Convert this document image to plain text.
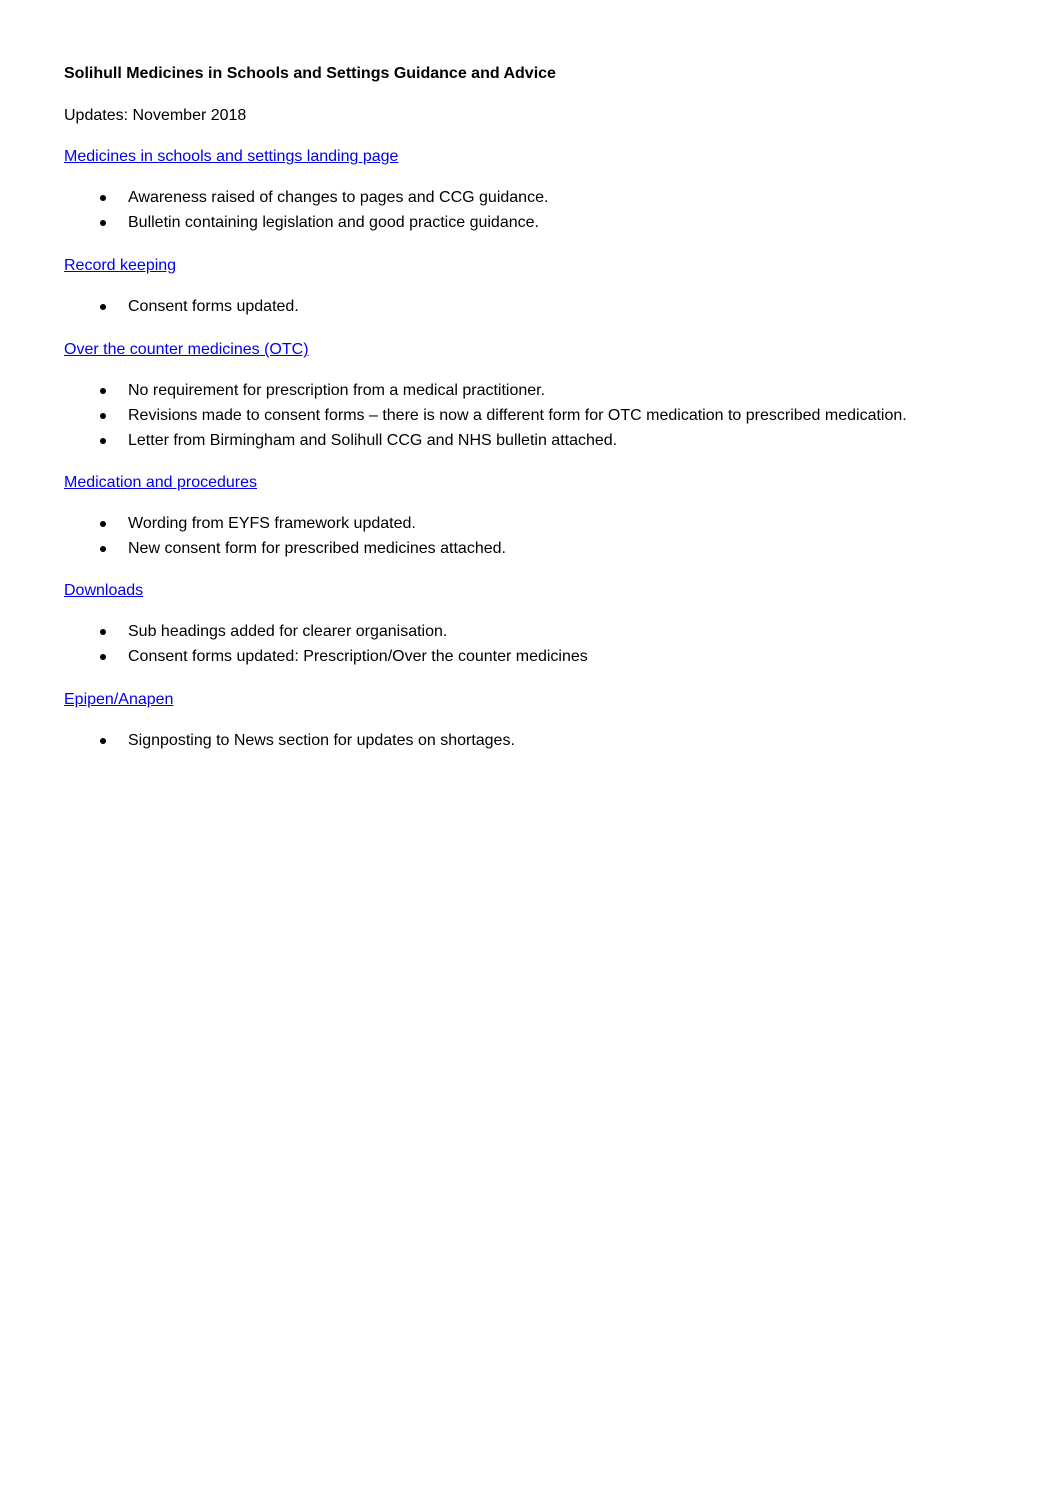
Solihull Medicines in Schools and Settings Guidance and Advice
Updates: November 2018
Medicines in schools and settings landing page
Awareness raised of changes to pages and CCG guidance.
Bulletin containing legislation and good practice guidance.
Record keeping
Consent forms updated.
Over the counter medicines (OTC)
No requirement for prescription from a medical practitioner.
Revisions made to consent forms – there is now a different form for OTC medication to prescribed medication.
Letter from Birmingham and Solihull CCG and NHS bulletin attached.
Medication and procedures
Wording from EYFS framework updated.
New consent form for prescribed medicines attached.
Downloads
Sub headings added for clearer organisation.
Consent forms updated: Prescription/Over the counter medicines
Epipen/Anapen
Signposting to News section for updates on shortages.
